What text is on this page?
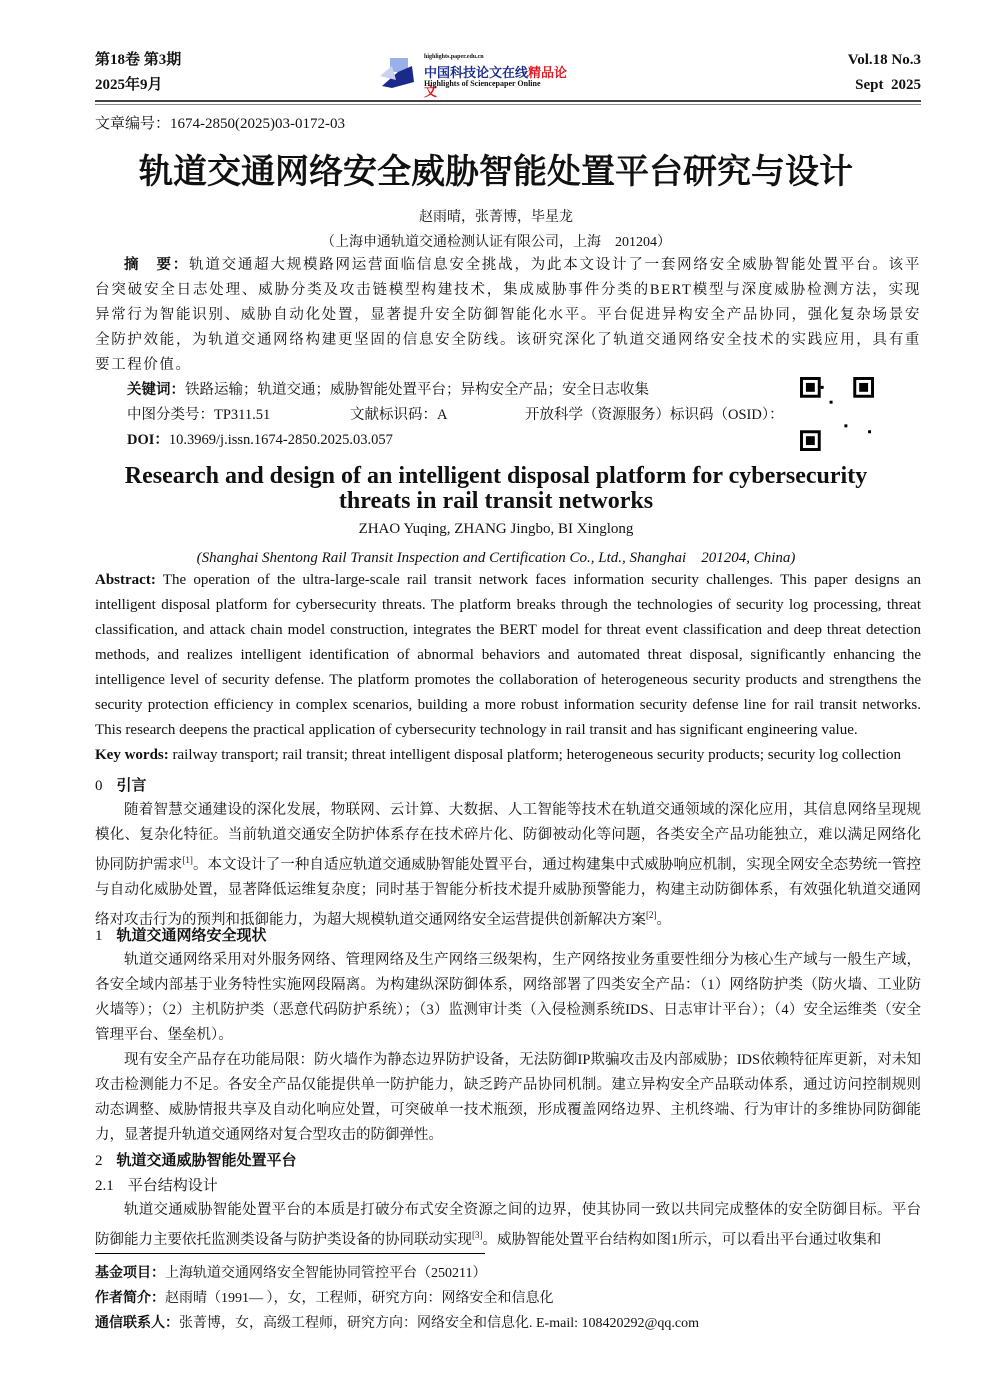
第18卷 第3期
2025年9月
highlights.paper.edu.cn
中国科技论文在线精品论文
Highlights of Sciencepaper Online
Vol.18 No.3
Sept  2025
文章编号：1674-2850(2025)03-0172-03
轨道交通网络安全威胁智能处置平台研究与设计
赵雨晴，张菁博，毕星龙
（上海申通轨道交通检测认证有限公司，上海　201204）
摘　要：轨道交通超大规模路网运营面临信息安全挑战，为此本文设计了一套网络安全威胁智能处置平台。该平台突破安全日志处理、威胁分类及攻击链模型构建技术，集成威胁事件分类的BERT模型与深度威胁检测方法，实现异常行为智能识别、威胁自动化处置，显著提升安全防御智能化水平。平台促进异构安全产品协同，强化复杂场景安全防护效能，为轨道交通网络构建更坚固的信息安全防线。该研究深化了轨道交通网络安全技术的实践应用，具有重要工程价值。
关键词：铁路运输；轨道交通；威胁智能处置平台；异构安全产品；安全日志收集
中图分类号：TP311.51	文献标识码：A	开放科学（资源服务）标识码（OSID）：
DOI：10.3969/j.issn.1674-2850.2025.03.057
Research and design of an intelligent disposal platform for cybersecurity threats in rail transit networks
ZHAO Yuqing, ZHANG Jingbo, BI Xinglong
(Shanghai Shentong Rail Transit Inspection and Certification Co., Ltd., Shanghai　201204, China)
Abstract: The operation of the ultra-large-scale rail transit network faces information security challenges. This paper designs an intelligent disposal platform for cybersecurity threats. The platform breaks through the technologies of security log processing, threat classification, and attack chain model construction, integrates the BERT model for threat event classification and deep threat detection methods, and realizes intelligent identification of abnormal behaviors and automated threat disposal, significantly enhancing the intelligence level of security defense. The platform promotes the collaboration of heterogeneous security products and strengthens the security protection efficiency in complex scenarios, building a more robust information security defense line for rail transit networks. This research deepens the practical application of cybersecurity technology in rail transit and has significant engineering value.
Key words: railway transport; rail transit; threat intelligent disposal platform; heterogeneous security products; security log collection
0 引言
随着智慧交通建设的深化发展，物联网、云计算、大数据、人工智能等技术在轨道交通领域的深化应用，其信息网络呈现规模化、复杂化特征。当前轨道交通安全防护体系存在技术碎片化、防御被动化等问题，各类安全产品功能独立，难以满足网络化协同防护需求[1]。本文设计了一种自适应轨道交通威胁智能处置平台，通过构建集中式威胁响应机制，实现全网安全态势统一管控与自动化威胁处置，显著降低运维复杂度；同时基于智能分析技术提升威胁预警能力，构建主动防御体系，有效强化轨道交通网络对攻击行为的预判和抵御能力，为超大规模轨道交通网络安全运营提供创新解决方案[2]。
1 轨道交通网络安全现状
轨道交通网络采用对外服务网络、管理网络及生产网络三级架构，生产网络按业务重要性细分为核心生产域与一般生产域，各安全域内部基于业务特性实施网段隔离。为构建纵深防御体系，网络部署了四类安全产品：（1）网络防护类（防火墙、工业防火墙等）；（2）主机防护类（恶意代码防护系统）；（3）监测审计类（入侵检测系统IDS、日志审计平台）；（4）安全运维类（安全管理平台、堡垒机）。
现有安全产品存在功能局限：防火墙作为静态边界防护设备，无法防御IP欺骗攻击及内部威胁；IDS依赖特征库更新，对未知攻击检测能力不足。各安全产品仅能提供单一防护能力，缺乏跨产品协同机制。建立异构安全产品联动体系，通过访问控制规则动态调整、威胁情报共享及自动化响应处置，可突破单一技术瓶颈，形成覆盖网络边界、主机终端、行为审计的多维协同防御能力，显著提升轨道交通网络对复合型攻击的防御弹性。
2 轨道交通威胁智能处置平台
2.1 平台结构设计
轨道交通威胁智能处置平台的本质是打破分布式安全资源之间的边界，使其协同一致以共同完成整体的安全防御目标。平台防御能力主要依托监测类设备与防护类设备的协同联动实现[3]。威胁智能处置平台结构如图1所示，可以看出平台通过收集和
基金项目：上海轨道交通网络安全智能协同管控平台（250211）
作者简介：赵雨晴（1991— ），女，工程师，研究方向：网络安全和信息化
通信联系人：张菁博，女，高级工程师，研究方向：网络安全和信息化. E-mail: 108420292@qq.com
